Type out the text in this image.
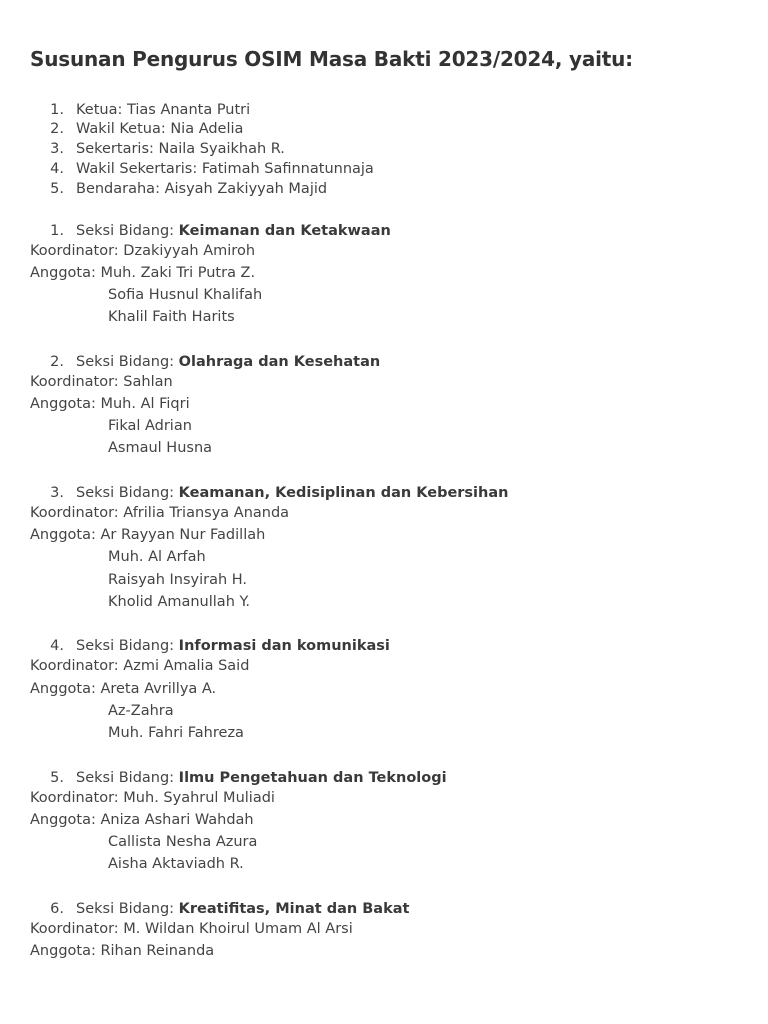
Susunan Pengurus OSIM Masa Bakti 2023/2024, yaitu:
1. Ketua: Tias Ananta Putri
2. Wakil Ketua: Nia Adelia
3. Sekertaris: Naila Syaikhah R.
4. Wakil Sekertaris: Fatimah Safinnatunnaja
5. Bendaraha: Aisyah Zakiyyah Majid
1. Seksi Bidang: Keimanan dan Ketakwaan
Koordinator: Dzakiyyah Amiroh
Anggota: Muh. Zaki Tri Putra Z.
Sofia Husnul Khalifah
Khalil Faith Harits
2. Seksi Bidang: Olahraga dan Kesehatan
Koordinator: Sahlan
Anggota: Muh. Al Fiqri
Fikal Adrian
Asmaul Husna
3. Seksi Bidang: Keamanan, Kedisiplinan dan Kebersihan
Koordinator: Afrilia Triansya Ananda
Anggota: Ar Rayyan Nur Fadillah
Muh. Al Arfah
Raisyah Insyirah H.
Kholid Amanullah Y.
4. Seksi Bidang: Informasi dan komunikasi
Koordinator: Azmi Amalia Said
Anggota: Areta Avrillya A.
Az-Zahra
Muh. Fahri Fahreza
5. Seksi Bidang: Ilmu Pengetahuan dan Teknologi
Koordinator: Muh. Syahrul Muliadi
Anggota: Aniza Ashari Wahdah
Callista Nesha Azura
Aisha Aktaviadh R.
6. Seksi Bidang: Kreatifitas, Minat dan Bakat
Koordinator: M. Wildan Khoirul Umam Al Arsi
Anggota: Rihan Reinanda
